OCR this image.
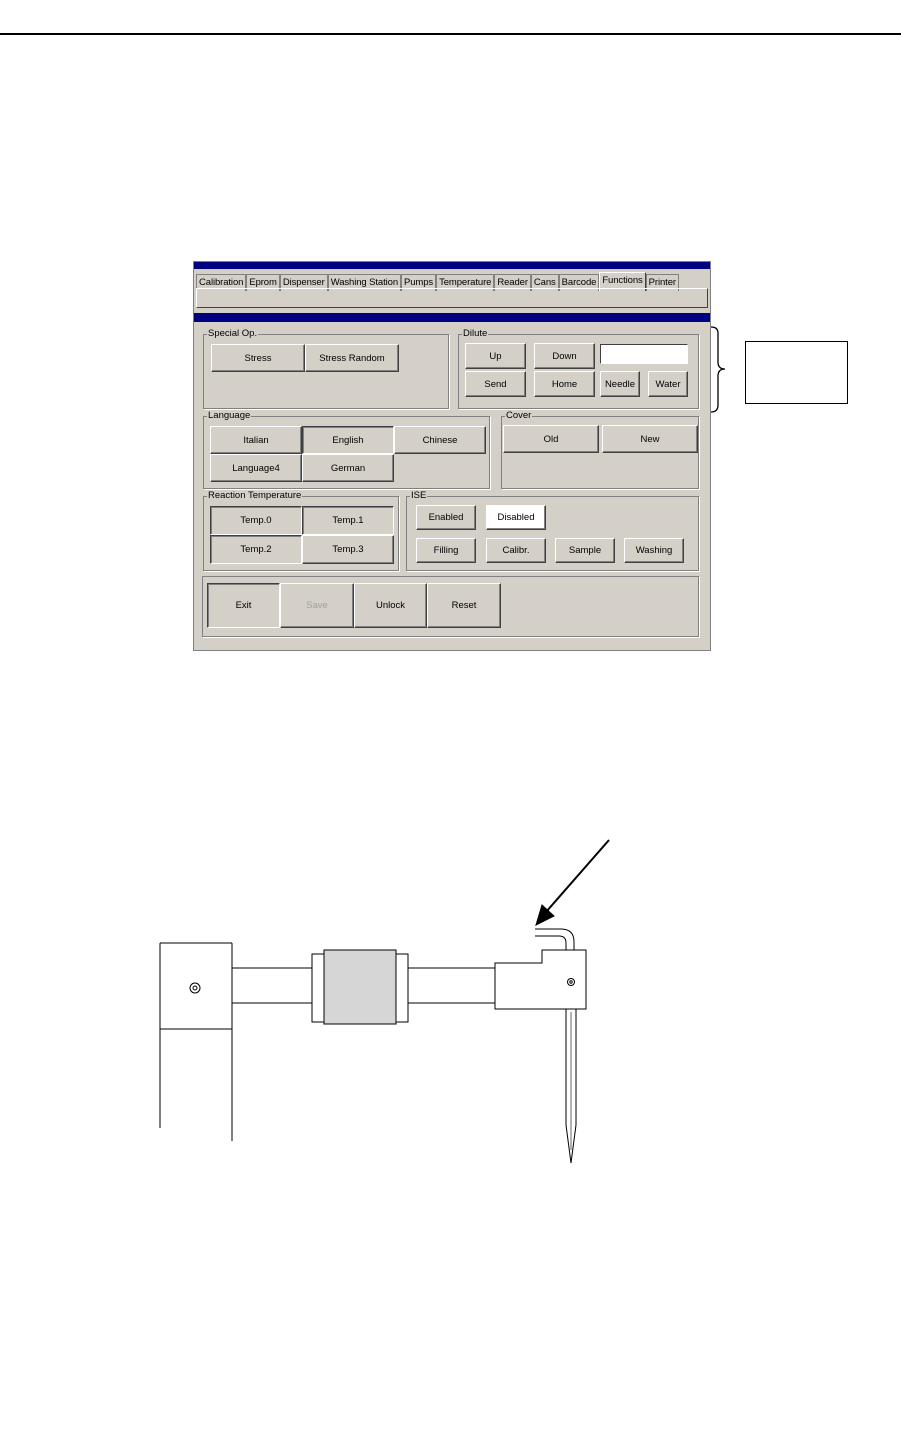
Calibration Eprom Dispenser Washing Station Pumps Temperature Reader Cans Barcode Functions Printer
Special Op.
Stress	Stress Random
Dilute
Up	Down
Send	Home	Needle	Water
Language
Italian	English	Chinese
Language4	German
Cover
Old	New
Reaction Temperature
Temp.0	Temp.1
Temp.2	Temp.3
ISE
Enabled	Disabled
Filling	Calibr.	Sample	Washing
Exit	Save	Unlock	Reset
